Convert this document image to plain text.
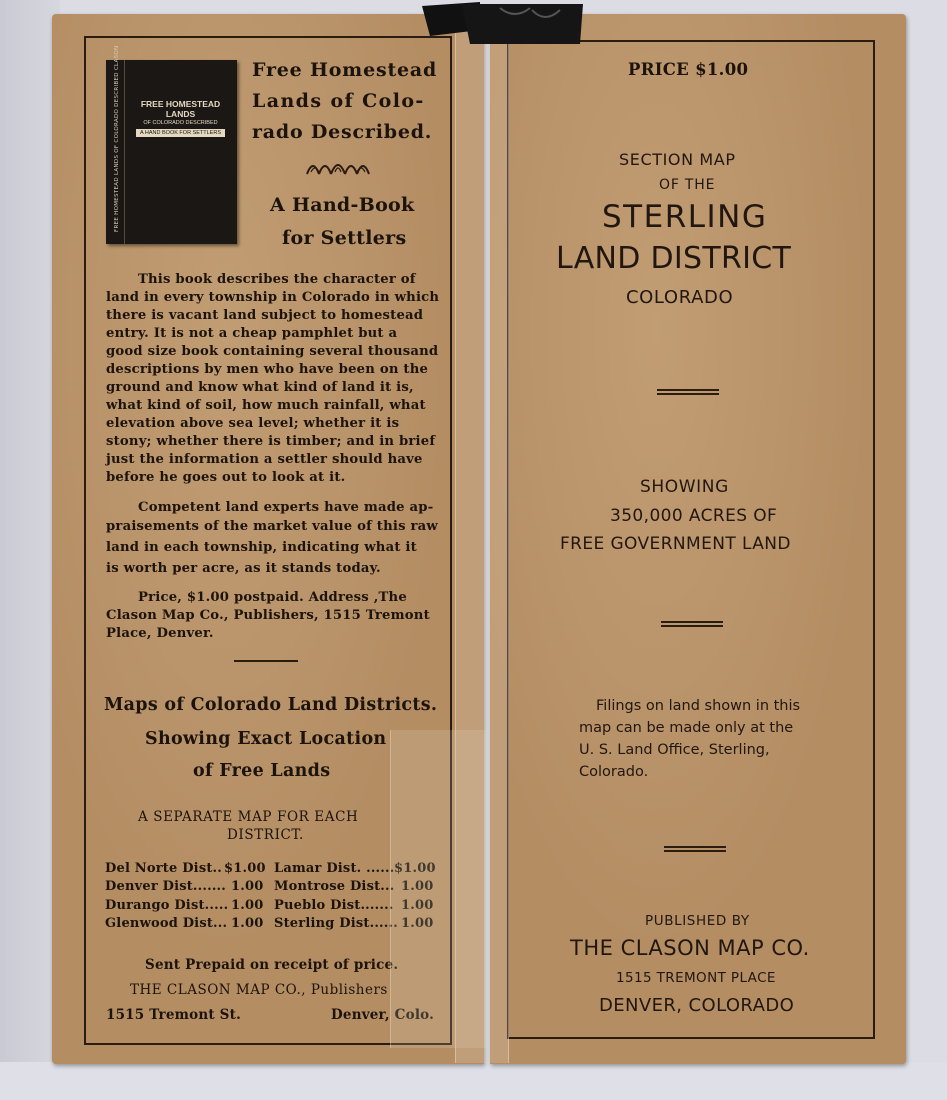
FREE HOMESTEAD LANDS OF COLORADO DESCRIBED CLASON	FREE HOMESTEAD LANDS
OF COLORADO DESCRIBED
A HAND BOOK FOR SETTLERS
Free Homestead
Lands of Colo-
rado Described.
A Hand-Book
for Settlers
This book describes the character of
land in every township in Colorado in which
there is vacant land subject to homestead
entry. It is not a cheap pamphlet but a
good size book containing several thousand
descriptions by men who have been on the
ground and know what kind of land it is,
what kind of soil, how much rainfall, what
elevation above sea level; whether it is
stony; whether there is timber; and in brief
just the information a settler should have
before he goes out to look at it.
Competent land experts have made ap-
praisements of the market value of this raw
land in each township, indicating what it
is worth per acre, as it stands today.
Price, $1.00 postpaid. Address ,The
Clason Map Co., Publishers, 1515 Tremont
Place, Denver.
Maps of Colorado Land Districts.
Showing Exact Location
of Free Lands
A SEPARATE MAP FOR EACH
DISTRICT.
Del Norte Dist.. $1.00
Denver Dist....... 1.00
Durango Dist..... 1.00
Glenwood Dist... 1.00
Lamar Dist. ...... $1.00
Montrose Dist... 1.00
Pueblo Dist....... 1.00
Sterling Dist...... 1.00
Sent Prepaid on receipt of price.
THE CLASON MAP CO., Publishers
1515 Tremont St.	Denver, Colo.
PRICE $1.00
SECTION MAP
OF THE
STERLING
LAND DISTRICT
COLORADO
SHOWING
350,000 ACRES OF
FREE GOVERNMENT LAND
Filings on land shown in this
map can be made only at the
U. S. Land Office, Sterling,
Colorado.
PUBLISHED BY
THE CLASON MAP CO.
1515 TREMONT PLACE
DENVER, COLORADO
